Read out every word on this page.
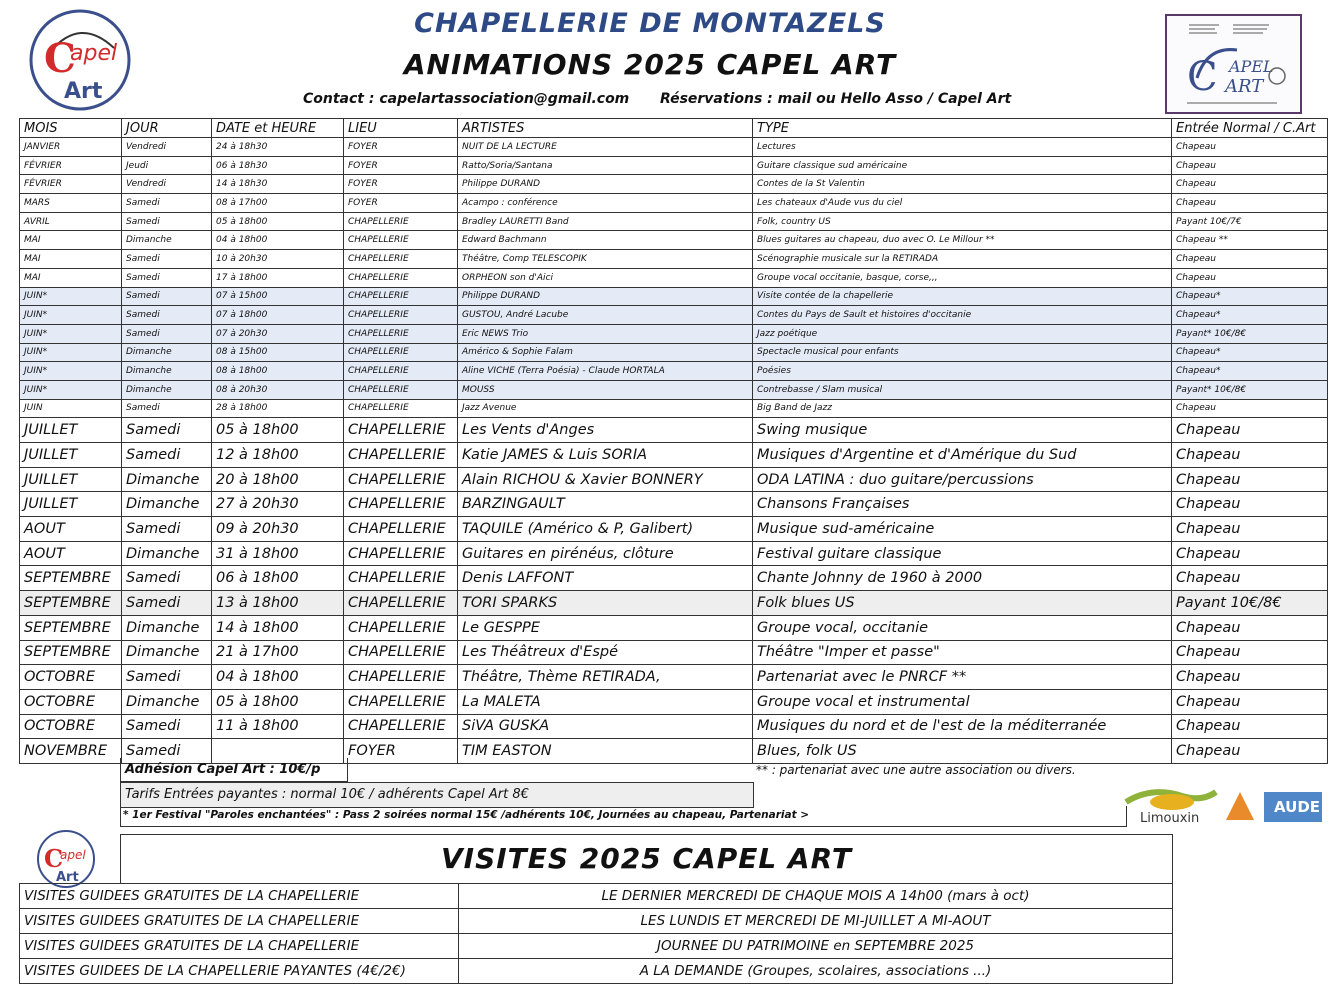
C
apel
Art
CHAPELLERIE DE MONTAZELS
ANIMATIONS 2025 CAPEL ART	C APEL
ART
Contact : capelartassociation@gmail.com Réservations : mail ou Hello Asso / Capel Art
MOIS	JOUR	DATE et HEURE	LIEU	ARTISTES	TYPE	Entrée Normal / C.Art
JANVIER	Vendredi	24 à 18h30	FOYER	NUIT DE LA LECTURE	Lectures	Chapeau
FÉVRIER	Jeudi	06 à 18h30	FOYER	Ratto/Soria/Santana	Guitare classique sud américaine	Chapeau
FÉVRIER	Vendredi	14 à 18h30	FOYER	Philippe DURAND	Contes de la St Valentin	Chapeau
MARS	Samedi	08 à 17h00	FOYER	Acampo : conférence	Les chateaux d'Aude vus du ciel	Chapeau
AVRIL	Samedi	05 à 18h00	CHAPELLERIE	Bradley LAURETTI Band	Folk, country US	Payant 10€/7€
MAI	Dimanche	04 à 18h00	CHAPELLERIE	Edward Bachmann	Blues guitares au chapeau, duo avec O. Le Millour **	Chapeau **
MAI	Samedi	10 à 20h30	CHAPELLERIE	Théâtre, Comp TELESCOPIK	Scénographie musicale sur la RETIRADA	Chapeau
MAI	Samedi	17 à 18h00	CHAPELLERIE	ORPHEON son d'Aici	Groupe vocal occitanie, basque, corse,,,	Chapeau
JUIN*	Samedi	07 à 15h00	CHAPELLERIE	Philippe DURAND	Visite contée de la chapellerie	Chapeau*
JUIN*	Samedi	07 à 18h00	CHAPELLERIE	GUSTOU, André Lacube	Contes du Pays de Sault et histoires d'occitanie	Chapeau*
JUIN*	Samedi	07 à 20h30	CHAPELLERIE	Eric NEWS Trio	Jazz poétique	Payant* 10€/8€
JUIN*	Dimanche	08 à 15h00	CHAPELLERIE	Américo & Sophie Falam	Spectacle musical pour enfants	Chapeau*
JUIN*	Dimanche	08 à 18h00	CHAPELLERIE	Aline VICHE (Terra Poésia) - Claude HORTALA	Poésies	Chapeau*
JUIN*	Dimanche	08 à 20h30	CHAPELLERIE	MOUSS	Contrebasse / Slam musical	Payant* 10€/8€
JUIN	Samedi	28 à 18h00	CHAPELLERIE	Jazz Avenue	Big Band de Jazz	Chapeau
JUILLET	Samedi	05 à 18h00	CHAPELLERIE	Les Vents d'Anges	Swing musique	Chapeau
JUILLET	Samedi	12 à 18h00	CHAPELLERIE	Katie JAMES & Luis SORIA	Musiques d'Argentine et d'Amérique du Sud	Chapeau
JUILLET	Dimanche	20 à 18h00	CHAPELLERIE	Alain RICHOU & Xavier BONNERY	ODA LATINA : duo guitare/percussions	Chapeau
JUILLET	Dimanche	27 à 20h30	CHAPELLERIE	BARZINGAULT	Chansons Françaises	Chapeau
AOUT	Samedi	09 à 20h30	CHAPELLERIE	TAQUILE (Américo & P, Galibert)	Musique sud-américaine	Chapeau
AOUT	Dimanche	31 à 18h00	CHAPELLERIE	Guitares en pirénéus, clôture	Festival guitare classique	Chapeau
SEPTEMBRE	Samedi	06 à 18h00	CHAPELLERIE	Denis LAFFONT	Chante Johnny de 1960 à 2000	Chapeau
SEPTEMBRE	Samedi	13 à 18h00	CHAPELLERIE	TORI SPARKS	Folk blues US	Payant 10€/8€
SEPTEMBRE	Dimanche	14 à 18h00	CHAPELLERIE	Le GESPPE	Groupe vocal, occitanie	Chapeau
SEPTEMBRE	Dimanche	21 à 17h00	CHAPELLERIE	Les Théâtreux d'Espé	Théâtre "Imper et passe"	Chapeau
OCTOBRE	Samedi	04 à 18h00	CHAPELLERIE	Théâtre, Thème RETIRADA,	Partenariat avec le PNRCF **	Chapeau
OCTOBRE	Dimanche	05 à 18h00	CHAPELLERIE	La MALETA	Groupe vocal et instrumental	Chapeau
OCTOBRE	Samedi	11 à 18h00	CHAPELLERIE	SiVA GUSKA	Musiques du nord et de l'est de la méditerranée	Chapeau
NOVEMBRE	Samedi		FOYER	TIM EASTON	Blues, folk US	Chapeau
Adhésion Capel Art : 10€/p	** : partenariat avec une autre association ou divers.
Tarifs Entrées payantes : normal 10€ / adhérents Capel Art 8€
* 1er Festival "Paroles enchantées" : Pass 2 soirées normal 15€ /adhérents 10€, Journées au chapeau, Partenariat >	Limouxin
AUDE
C
apel
Art
VISITES 2025 CAPEL ART
VISITES GUIDEES GRATUITES DE LA CHAPELLERIE	LE DERNIER MERCREDI DE CHAQUE MOIS A 14h00 (mars à oct)
VISITES GUIDEES GRATUITES DE LA CHAPELLERIE	LES LUNDIS ET MERCREDI DE MI-JUILLET A MI-AOUT
VISITES GUIDEES GRATUITES DE LA CHAPELLERIE	JOURNEE DU PATRIMOINE en SEPTEMBRE 2025
VISITES GUIDEES DE LA CHAPELLERIE PAYANTES (4€/2€)	A LA DEMANDE (Groupes, scolaires, associations ...)
